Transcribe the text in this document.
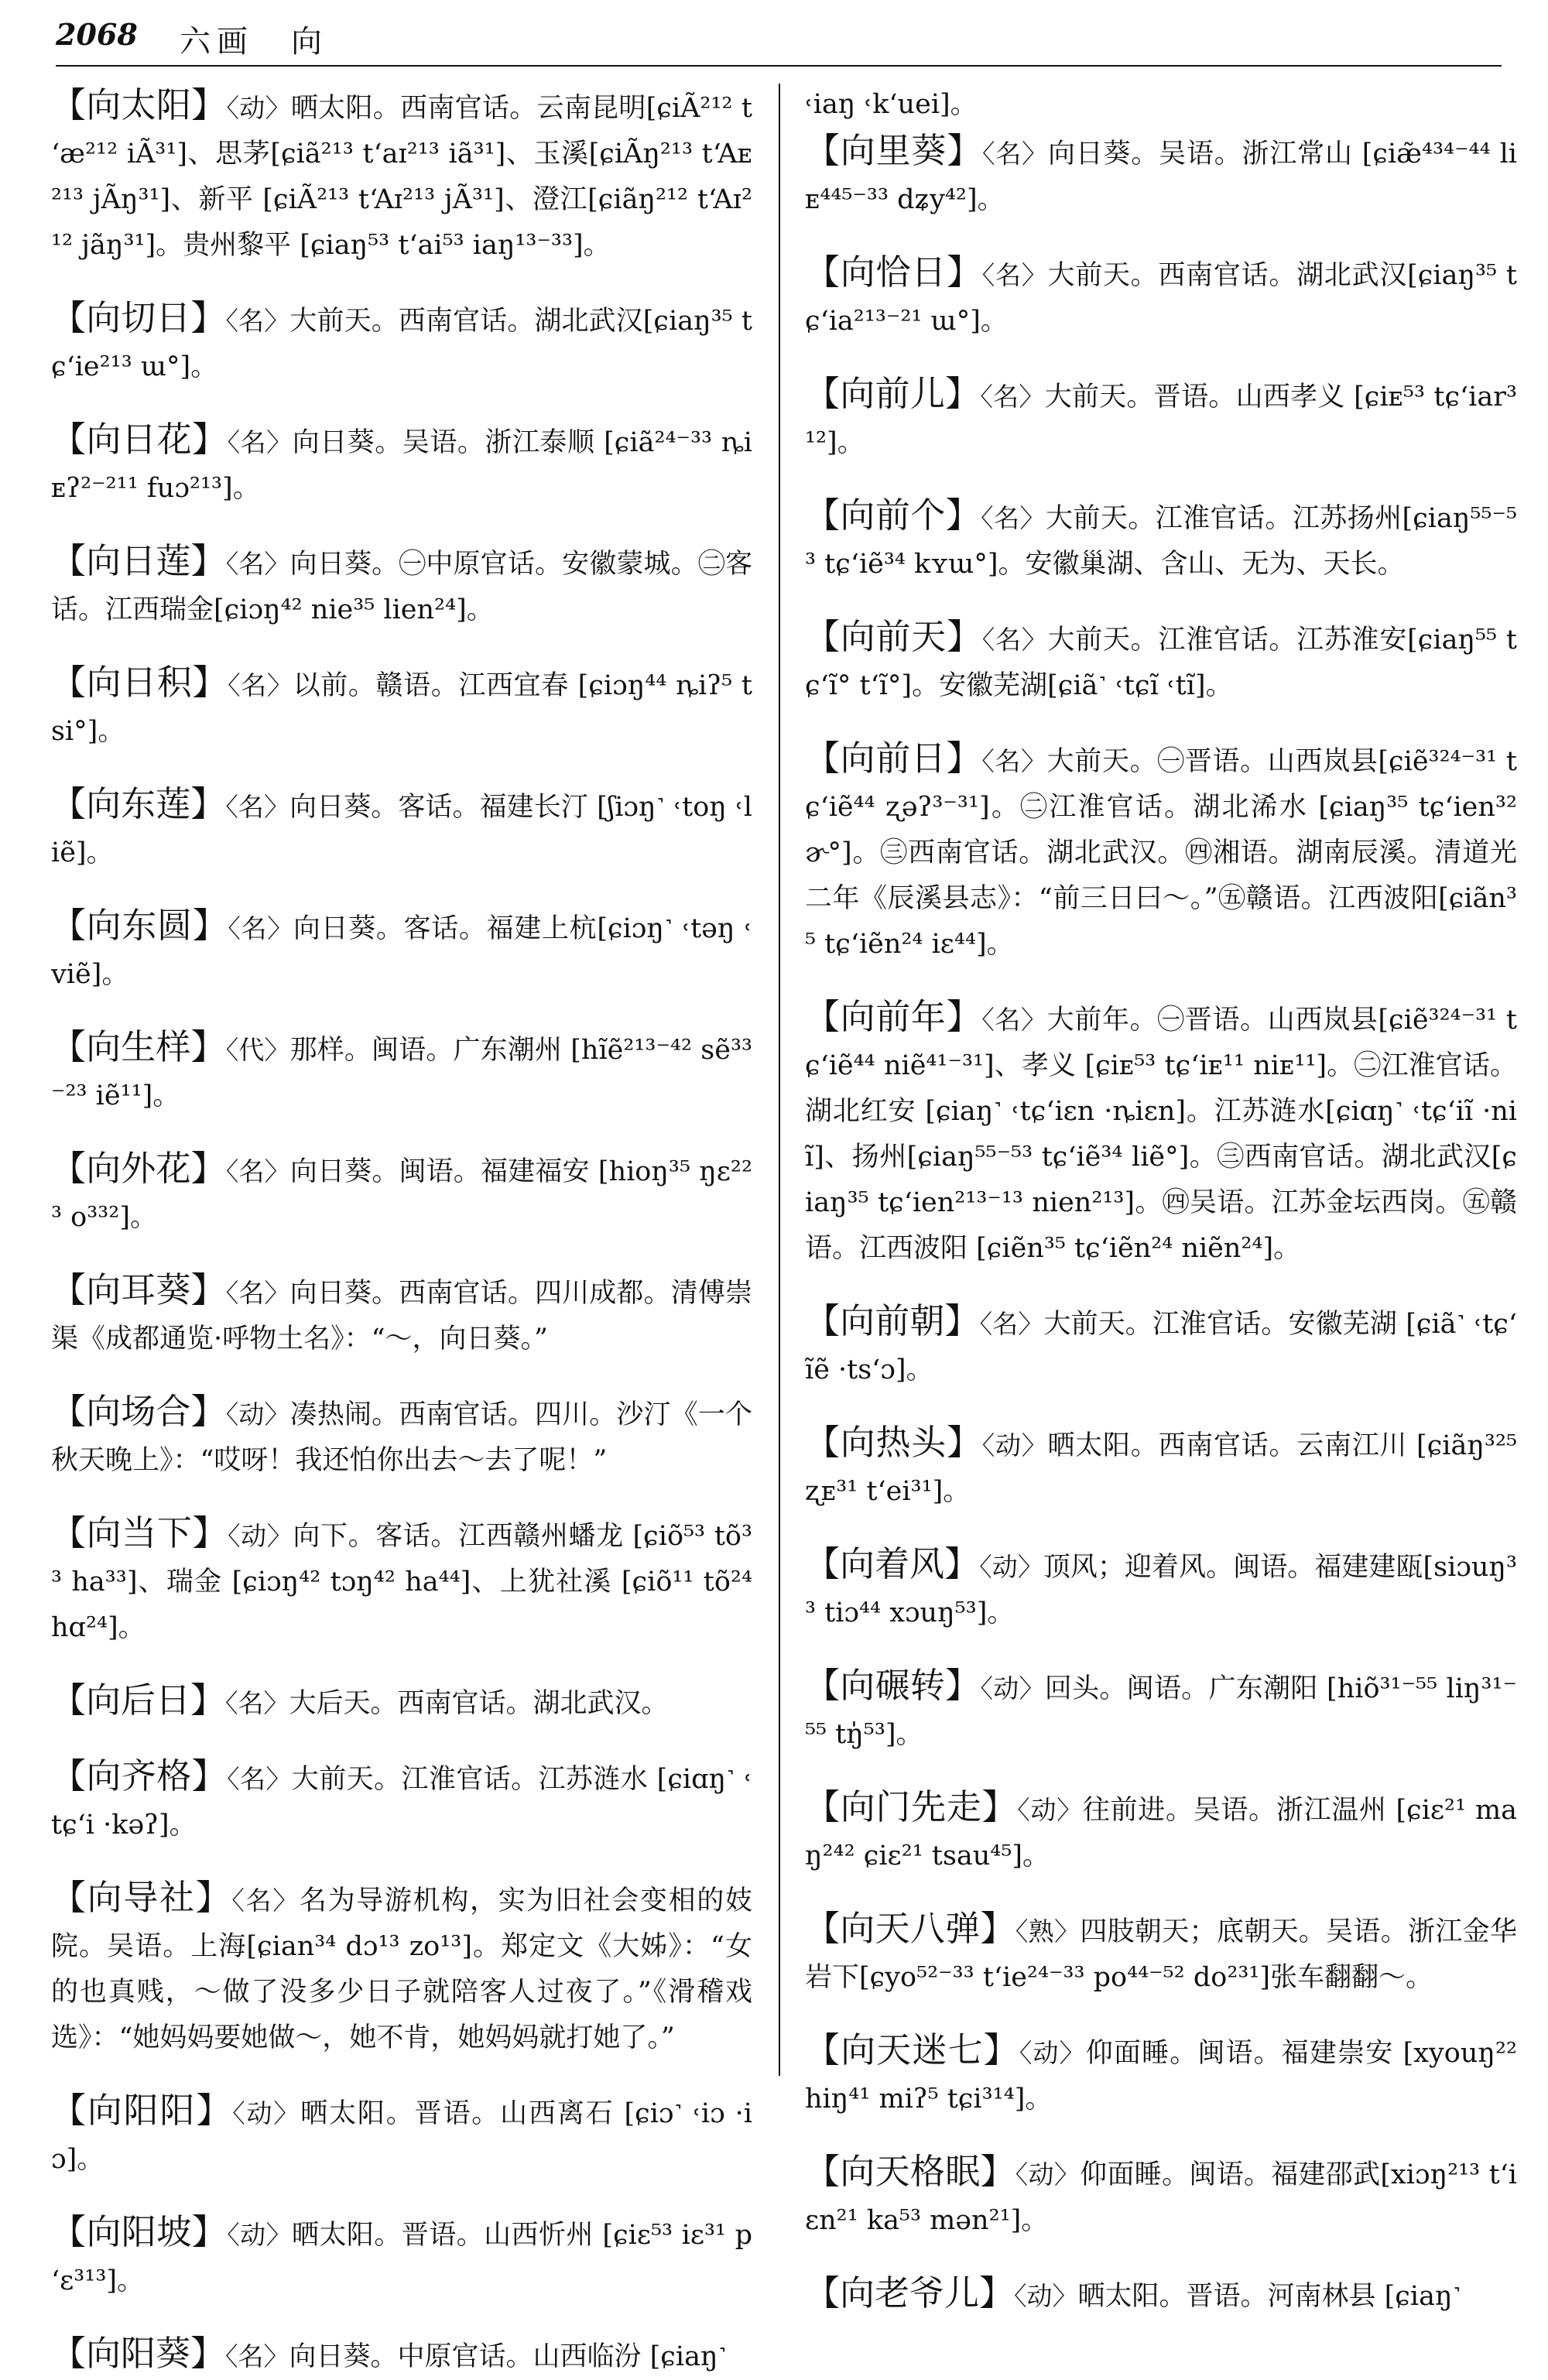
2068 六画　向

【向太阳】〈动〉晒太阳。西南官话。云南昆明[ɕiÃ²¹² tʻæ²¹² iÃ³¹]、思茅[ɕiã²¹³ tʻaɪ²¹³ iã³¹]、玉溪[ɕiÃŋ²¹³ tʻAᴇ²¹³ jÃŋ³¹]、新平 [ɕiÃ²¹³ tʻAɪ²¹³ jÃ³¹]、澄江[ɕiãŋ²¹² tʻAɪ²¹² jãŋ³¹]。贵州黎平 [ɕiaŋ⁵³ tʻai⁵³ iaŋ¹³⁻³³]。

【向切日】〈名〉大前天。西南官话。湖北武汉[ɕiaŋ³⁵ tɕʻie²¹³ ɯ°]。

【向日花】〈名〉向日葵。吴语。浙江泰顺 [ɕiã²⁴⁻³³ ȵiᴇʔ²⁻²¹¹ fuɔ²¹³]。

【向日莲】〈名〉向日葵。㊀中原官话。安徽蒙城。㊁客话。江西瑞金[ɕiɔŋ⁴² nie³⁵ lien²⁴]。

【向日积】〈名〉以前。赣语。江西宜春 [ɕiɔŋ⁴⁴ ȵiʔ⁵ tsi°]。

【向东莲】〈名〉向日葵。客话。福建长汀 [ʃiɔŋ˺ ˓toŋ ˓liẽ]。

【向东圆】〈名〉向日葵。客话。福建上杭[ɕiɔŋ˺ ˓təŋ ˓viẽ]。

【向生样】〈代〉那样。闽语。广东潮州 [hĩẽ²¹³⁻⁴² sẽ³³⁻²³ iẽ¹¹]。

【向外花】〈名〉向日葵。闽语。福建福安 [hioŋ³⁵ ŋɛ²²³ o³³²]。

【向耳葵】〈名〉向日葵。西南官话。四川成都。清傅崇渠《成都通览·呼物土名》：“～，向日葵。”

【向场合】〈动〉凑热闹。西南官话。四川。沙汀《一个秋天晚上》：“哎呀！我还怕你出去～去了呢！”

【向当下】〈动〉向下。客话。江西赣州蟠龙 [ɕiõ⁵³ tõ³³ ha³³]、瑞金 [ɕiɔŋ⁴² tɔŋ⁴² ha⁴⁴]、上犹社溪 [ɕiõ¹¹ tõ²⁴ hɑ²⁴]。

【向后日】〈名〉大后天。西南官话。湖北武汉。

【向齐格】〈名〉大前天。江淮官话。江苏涟水 [ɕiɑŋ˺ ˓tɕʻi ·kəʔ]。

【向导社】〈名〉名为导游机构，实为旧社会变相的妓院。吴语。上海[ɕian³⁴ dɔ¹³ zo¹³]。郑定文《大姊》：“女的也真贱，～做了没多少日子就陪客人过夜了。”《滑稽戏选》：“她妈妈要她做～，她不肯，她妈妈就打她了。”

【向阳阳】〈动〉晒太阳。晋语。山西离石 [ɕiɔ˺ ˓iɔ ·iɔ]。

【向阳坡】〈动〉晒太阳。晋语。山西忻州 [ɕiɛ⁵³ iɛ³¹ pʻɛ³¹³]。

【向阳葵】〈名〉向日葵。中原官话。山西临汾 [ɕiaŋ˺

˓iaŋ ˓kʻuei]。

【向里葵】〈名〉向日葵。吴语。浙江常山 [ɕiæ̃⁴³⁴⁻⁴⁴ liᴇ⁴⁴⁵⁻³³ dʑy⁴²]。

【向恰日】〈名〉大前天。西南官话。湖北武汉[ɕiaŋ³⁵ tɕʻia²¹³⁻²¹ ɯ°]。

【向前儿】〈名〉大前天。晋语。山西孝义 [ɕiᴇ⁵³ tɕʻiar³¹²]。

【向前个】〈名〉大前天。江淮官话。江苏扬州[ɕiaŋ⁵⁵⁻⁵³ tɕʻiẽ³⁴ kʏɯ°]。安徽巢湖、含山、无为、天长。

【向前天】〈名〉大前天。江淮官话。江苏淮安[ɕiaŋ⁵⁵ tɕʻĩ° tʻĩ°]。安徽芜湖[ɕiã˺ ˓tɕĩ ˓tĩ]。

【向前日】〈名〉大前天。㊀晋语。山西岚县[ɕiẽ³²⁴⁻³¹ tɕʻiẽ⁴⁴ ʐəʔ³⁻³¹]。㊁江淮官话。湖北浠水 [ɕiaŋ³⁵ tɕʻien³² ɚ°]。㊂西南官话。湖北武汉。㊃湘语。湖南辰溪。清道光二年《辰溪县志》：“前三日曰～。”㊄赣语。江西波阳[ɕiãn³⁵ tɕʻiẽn²⁴ iɛ⁴⁴]。

【向前年】〈名〉大前年。㊀晋语。山西岚县[ɕiẽ³²⁴⁻³¹ tɕʻiẽ⁴⁴ niẽ⁴¹⁻³¹]、孝义 [ɕiᴇ⁵³ tɕʻiᴇ¹¹ niᴇ¹¹]。㊁江淮官话。湖北红安 [ɕiaŋ˺ ˓tɕʻiɛn ·ȵiɛn]。江苏涟水[ɕiɑŋ˺ ˓tɕʻiĩ ·niĩ]、扬州[ɕiaŋ⁵⁵⁻⁵³ tɕʻiẽ³⁴ liẽ°]。㊂西南官话。湖北武汉[ɕiaŋ³⁵ tɕʻien²¹³⁻¹³ nien²¹³]。㊃吴语。江苏金坛西岗。㊄赣语。江西波阳 [ɕiẽn³⁵ tɕʻiẽn²⁴ niẽn²⁴]。

【向前朝】〈名〉大前天。江淮官话。安徽芜湖 [ɕiã˺ ˓tɕʻĩẽ ·tsʻɔ]。

【向热头】〈动〉晒太阳。西南官话。云南江川 [ɕiãŋ³²⁵ ʐᴇ³¹ tʻei³¹]。

【向着风】〈动〉顶风；迎着风。闽语。福建建瓯[siɔuŋ³³ tiɔ⁴⁴ xɔuŋ⁵³]。

【向碾转】〈动〉回头。闽语。广东潮阳 [hiõ³¹⁻⁵⁵ liŋ³¹⁻⁵⁵ tŋ̍⁵³]。

【向门先走】〈动〉往前进。吴语。浙江温州 [ɕiɛ²¹ maŋ²⁴² ɕiɛ²¹ tsau⁴⁵]。

【向天八弹】〈熟〉四肢朝天；底朝天。吴语。浙江金华岩下[ɕyo⁵²⁻³³ tʻie²⁴⁻³³ po⁴⁴⁻⁵² do²³¹]张车翻翻～。

【向天迷七】〈动〉仰面睡。闽语。福建崇安 [xyouŋ²² hiŋ⁴¹ miʔ⁵ tɕi³¹⁴]。

【向天格眠】〈动〉仰面睡。闽语。福建邵武[xiɔŋ²¹³ tʻiɛn²¹ ka⁵³ mən²¹]。

【向老爷儿】〈动〉晒太阳。晋语。河南林县 [ɕiaŋ˺
